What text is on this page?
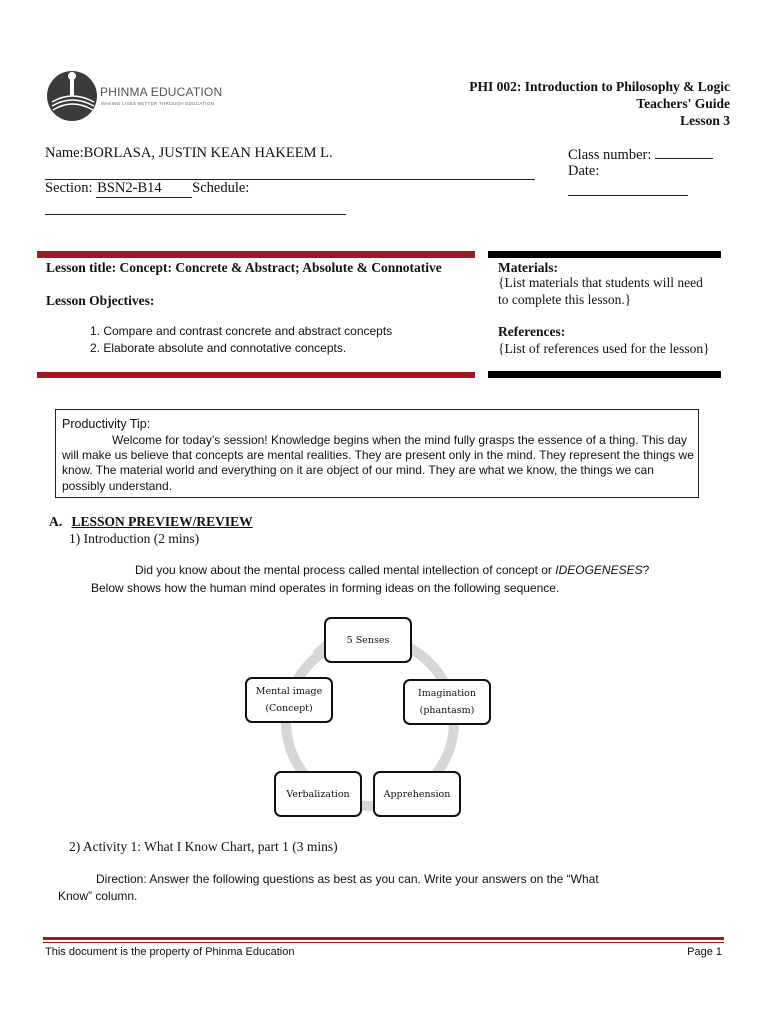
PHINMA EDUCATION
MAKING LIVES BETTER THROUGH EDUCATION
PHI 002: Introduction to Philosophy & Logic
Teachers' Guide
Lesson 3
Name:BORLASA, JUSTIN KEAN HAKEEM L.
Section: BSN2-B14 Schedule:
Class number:
Date:
Lesson title: Concept: Concrete & Abstract; Absolute & Connotative
Lesson Objectives:
1. Compare and contrast concrete and abstract concepts
2. Elaborate absolute and connotative concepts.
Materials:
{List materials that students will need
to complete this lesson.}
References:
{List of references used for the lesson}
Productivity Tip:
Welcome for today’s session! Knowledge begins when the mind fully grasps the essence of a thing. This day will make us believe that concepts are mental realities. They are present only in the mind. They represent the things we know. The material world and everything on it are object of our mind. They are what we know, the things we can possibly understand.
A. LESSON PREVIEW/REVIEW
1) Introduction (2 mins)
Did you know about the mental process called mental intellection of concept or IDEOGENESES?
Below shows how the human mind operates in forming ideas on the following sequence.
5 Senses
Imagination
(phantasm)
Apprehension
Verbalization
Mental image
(Concept)
2) Activity 1: What I Know Chart, part 1 (3 mins)
Direction: Answer the following questions as best as you can. Write your answers on the “What
Know” column.
This document is the property of Phinma Education	Page 1
